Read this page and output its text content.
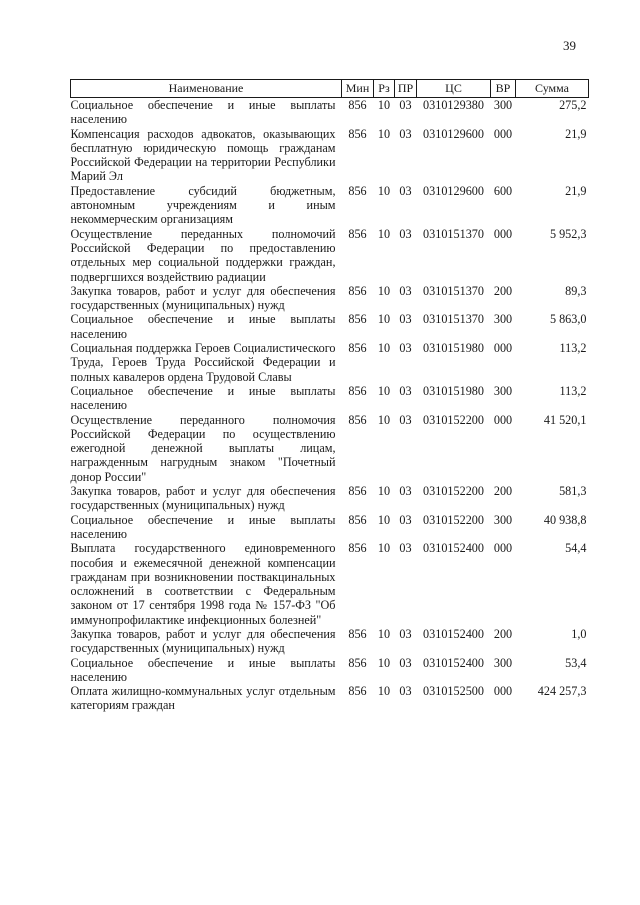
39
Наименование	Мин	Рз	ПР	ЦС	ВР	Сумма
Социальное обеспечение и иные выплаты населению	856	10	03	0310129380	300	275,2
Компенсация расходов адвокатов, оказывающих бесплатную юридическую помощь гражданам Российской Федерации на территории Республики Марий Эл	856	10	03	0310129600	000	21,9
Предоставление субсидий бюджетным, автономным учреждениям и иным некоммерческим организациям	856	10	03	0310129600	600	21,9
Осуществление переданных полномочий Российской Федерации по предоставлению отдельных мер социальной поддержки граждан, подвергшихся воздействию радиации	856	10	03	0310151370	000	5 952,3
Закупка товаров, работ и услуг для обеспечения государственных (муниципальных) нужд	856	10	03	0310151370	200	89,3
Социальное обеспечение и иные выплаты населению	856	10	03	0310151370	300	5 863,0
Социальная поддержка Героев Социалистического Труда, Героев Труда Российской Федерации и полных кавалеров ордена Трудовой Славы	856	10	03	0310151980	000	113,2
Социальное обеспечение и иные выплаты населению	856	10	03	0310151980	300	113,2
Осуществление переданного полномочия Российской Федерации по осуществлению ежегодной денежной выплаты лицам, награжденным нагрудным знаком "Почетный донор России"	856	10	03	0310152200	000	41 520,1
Закупка товаров, работ и услуг для обеспечения государственных (муниципальных) нужд	856	10	03	0310152200	200	581,3
Социальное обеспечение и иные выплаты населению	856	10	03	0310152200	300	40 938,8
Выплата государственного единовременного пособия и ежемесячной денежной компенсации гражданам при возникновении поствакцинальных осложнений в соответствии с Федеральным законом от 17 сентября 1998 года № 157-ФЗ "Об иммунопрофилактике инфекционных болезней"	856	10	03	0310152400	000	54,4
Закупка товаров, работ и услуг для обеспечения государственных (муниципальных) нужд	856	10	03	0310152400	200	1,0
Социальное обеспечение и иные выплаты населению	856	10	03	0310152400	300	53,4
Оплата жилищно-коммунальных услуг отдельным категориям граждан	856	10	03	0310152500	000	424 257,3
